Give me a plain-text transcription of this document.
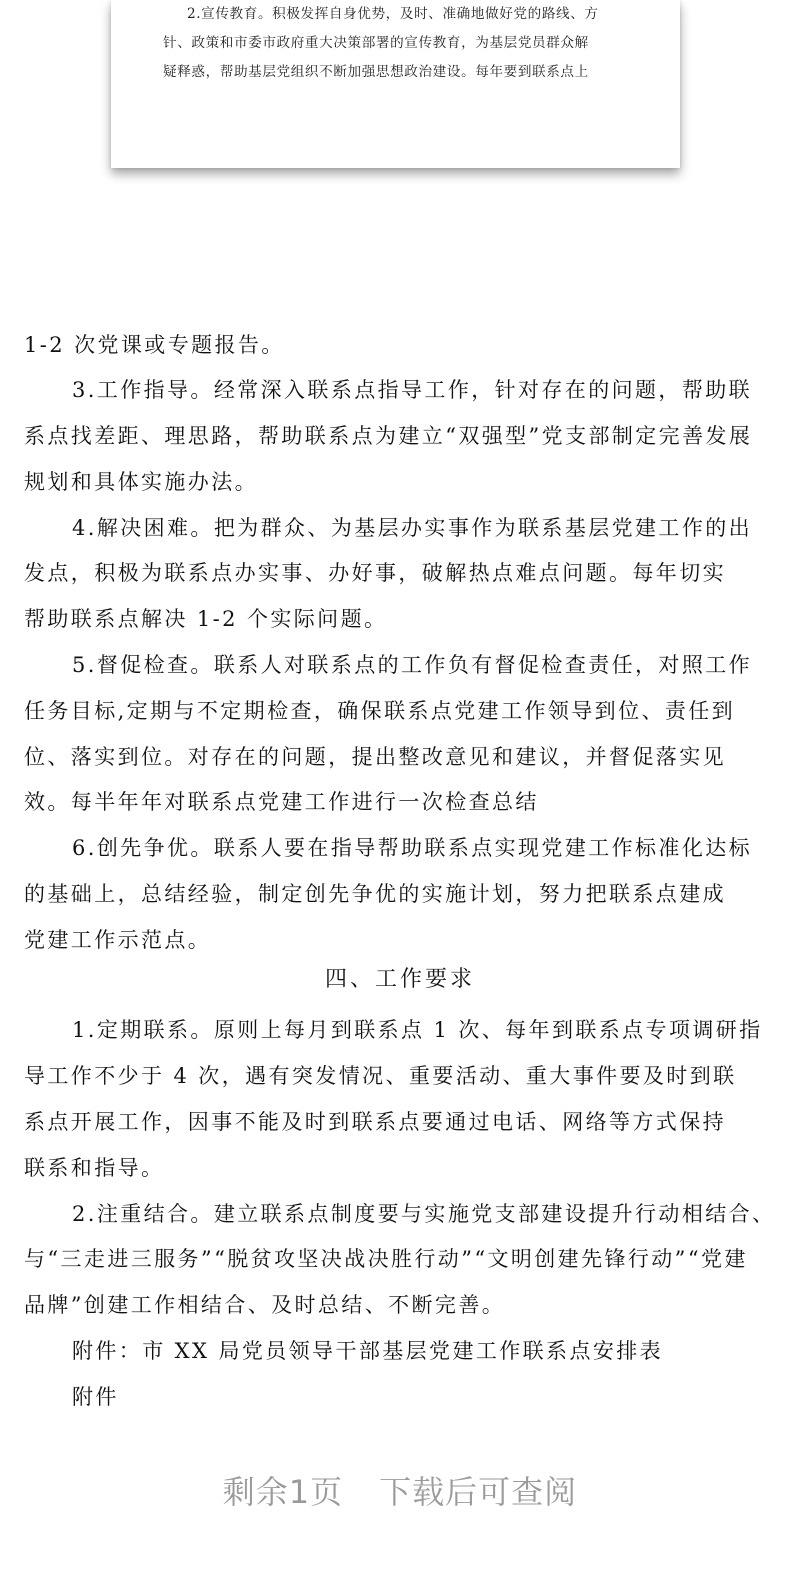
2.宣传教育。积极发挥自身优势，及时、准确地做好党的路线、方
针、政策和市委市政府重大决策部署的宣传教育，为基层党员群众解
疑释惑，帮助基层党组织不断加强思想政治建设。每年要到联系点上
1-2 次党课或专题报告。
3.工作指导。经常深入联系点指导工作，针对存在的问题，帮助联
系点找差距、理思路，帮助联系点为建立“双强型”党支部制定完善发展
规划和具体实施办法。
4.解决困难。把为群众、为基层办实事作为联系基层党建工作的出
发点，积极为联系点办实事、办好事，破解热点难点问题。每年切实
帮助联系点解决 1-2 个实际问题。
5.督促检查。联系人对联系点的工作负有督促检查责任，对照工作
任务目标,定期与不定期检查，确保联系点党建工作领导到位、责任到
位、落实到位。对存在的问题，提出整改意见和建议，并督促落实见
效。每半年年对联系点党建工作进行一次检查总结
6.创先争优。联系人要在指导帮助联系点实现党建工作标准化达标
的基础上，总结经验，制定创先争优的实施计划，努力把联系点建成
党建工作示范点。
四、工作要求
1.定期联系。原则上每月到联系点 1 次、每年到联系点专项调研指
导工作不少于 4 次，遇有突发情况、重要活动、重大事件要及时到联
系点开展工作，因事不能及时到联系点要通过电话、网络等方式保持
联系和指导。
2.注重结合。建立联系点制度要与实施党支部建设提升行动相结合、
与“三走进三服务”“脱贫攻坚决战决胜行动”“文明创建先锋行动”“党建
品牌”创建工作相结合、及时总结、不断完善。
附件：市 XX 局党员领导干部基层党建工作联系点安排表
附件
剩余1页 下载后可查阅
